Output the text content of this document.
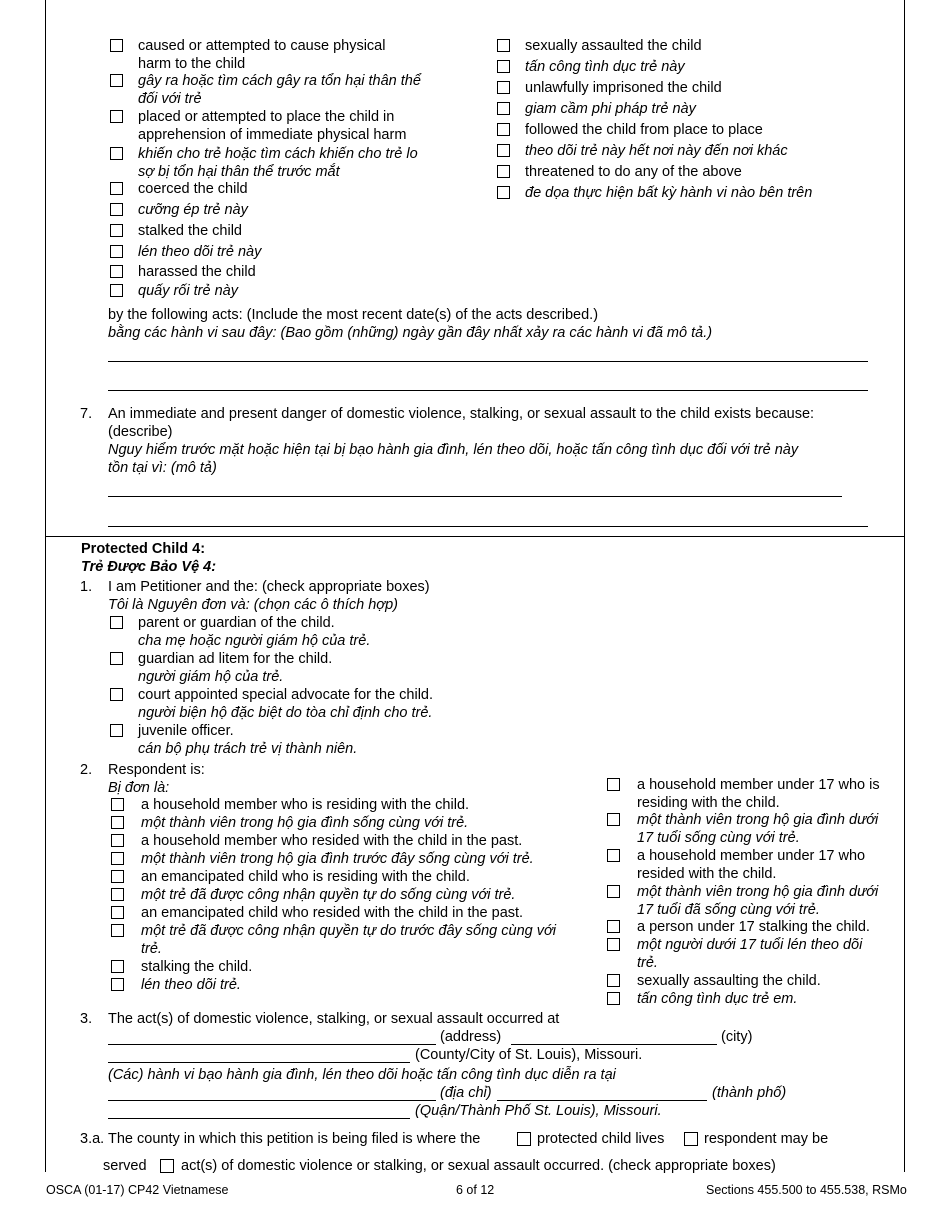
caused or attempted to cause physical
harm to the child
gây ra hoặc tìm cách gây ra tổn hại thân thể
đối với trẻ
placed or attempted to place the child in
apprehension of immediate physical harm
khiến cho trẻ hoặc tìm cách khiến cho trẻ lo
sợ bị tổn hại thân thể trước mắt
coerced the child
cưỡng ép trẻ này
stalked the child
lén theo dõi trẻ này
harassed the child
quấy rối trẻ này
sexually assaulted the child
tấn công tình dục trẻ này
unlawfully imprisoned the child
giam cầm phi pháp trẻ này
followed the child from place to place
theo dõi trẻ này hết nơi này đến nơi khác
threatened to do any of the above
đe dọa thực hiện bất kỳ hành vi nào bên trên
by the following acts: (Include the most recent date(s) of the acts described.)
bằng các hành vi sau đây: (Bao gồm (những) ngày gần đây nhất xảy ra các hành vi đã mô tả.)
7. An immediate and present danger of domestic violence, stalking, or sexual assault to the child exists because:
(describe)
Nguy hiểm trước mặt hoặc hiện tại bị bạo hành gia đình, lén theo dõi, hoặc tấn công tình dục đối với trẻ này
tồn tại vì: (mô tả)
Protected Child 4:
Trẻ Được Bảo Vệ 4:
1. I am Petitioner and the: (check appropriate boxes)
Tôi là Nguyên đơn và: (chọn các ô thích hợp)
parent or guardian of the child.
cha mẹ hoặc người giám hộ của trẻ.
guardian ad litem for the child.
người giám hộ của trẻ.
court appointed special advocate for the child.
người biện hộ đặc biệt do tòa chỉ định cho trẻ.
juvenile officer.
cán bộ phụ trách trẻ vị thành niên.
2. Respondent is:
Bị đơn là:
a household member who is residing with the child.
một thành viên trong hộ gia đình sống cùng với trẻ.
a household member who resided with the child in the past.
một thành viên trong hộ gia đình trước đây sống cùng với trẻ.
an emancipated child who is residing with the child.
một trẻ đã được công nhận quyền tự do sống cùng với trẻ.
an emancipated child who resided with the child in the past.
một trẻ đã được công nhận quyền tự do trước đây sống cùng với
trẻ.
stalking the child.
lén theo dõi trẻ.
a household member under 17 who is
residing with the child.
một thành viên trong hộ gia đình dưới
17 tuổi sống cùng với trẻ.
a household member under 17 who
resided with the child.
một thành viên trong hộ gia đình dưới
17 tuổi đã sống cùng với trẻ.
a person under 17 stalking the child.
một người dưới 17 tuổi lén theo dõi
trẻ.
sexually assaulting the child.
tấn công tình dục trẻ em.
3. The act(s) of domestic violence, stalking, or sexual assault occurred at
(address)	(city)
(County/City of St. Louis), Missouri.
(Các) hành vi bạo hành gia đình, lén theo dõi hoặc tấn công tình dục diễn ra tại
(địa chỉ)	(thành phố)
(Quận/Thành Phố St. Louis), Missouri.
3.a. The county in which this petition is being filed is where the	protected child lives	respondent may be
served act(s) of domestic violence or stalking, or sexual assault occurred. (check appropriate boxes)
OSCA (01-17) CP42 Vietnamese	6 of 12	Sections 455.500 to 455.538, RSMo
